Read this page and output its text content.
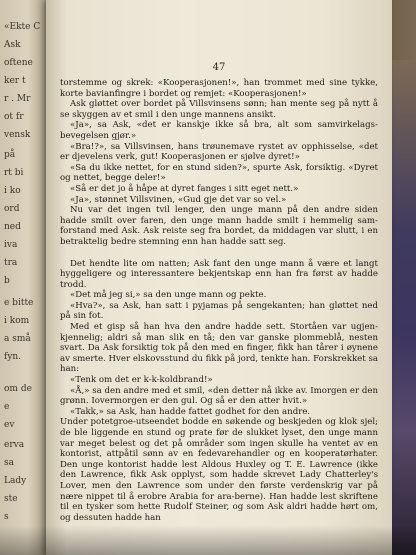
«Ekte C
Ask
oftene
ker t
r . Mr
ot fr
vensk
på
rt bi
i ko
ord
ned
iva
tra
b
e bitte
i kom
a små
fyn.
om de
e
ev
erva
sa
Lady
ste
s
47

torstemme og skrek: «Kooperasjonen!», han trommet med sine tykke, korte bavianfingre i bordet og remjet: «Kooperasjonen!»

Ask gløttet over bordet på Villsvinsens sønn; han mente seg på nytt å se skyggen av et smil i den unge mannens ansikt.

«Ja», sa Ask, «det er kanskje ikke så bra, alt som samvirkelags-bevegelsen gjør.»

«Bra!?», sa Villsvinsen, hans trøunemave rystet av opphisselse, «det er djevelens verk, gut! Kooperasjonen er sjølve dyret!»

«Sa du ikke nettet, for en stund siden?», spurte Ask, forsiktig. «Dyret og nettet, begge deler!»

«Så er det jo å håpe at dyret fanges i sitt eget nett.»

«Ja», stønnet Villsvinen, «Gud gje det var so vel.»

Nu var det ingen tvil lenger, den unge mann på den andre siden hadde smilt over faren, den unge mann hadde smilt i hemmelig sam-forstand med Ask. Ask reiste seg fra bordet, da middagen var slutt, i en betraktelig bedre stemning enn han hadde satt seg.

Det hendte lite om natten; Ask fant den unge mann å være et langt hyggeligere og interessantere bekjentskap enn han fra først av hadde trodd.

«Det må jeg si,» sa den unge mann og pekte.

«Hva?», sa Ask, han satt i pyjamas på sengekanten; han gløttet ned på sin fot.

Med et gisp så han hva den andre hadde sett. Stortåen var ugjen-kjennelig; aldri så man slik en tå; den var ganske plommeblå, nesten svart. Da Ask forsiktig tok på den med en finger, fikk han tårer i øynene av smerte. Hver elskovsstund du fikk på jord, tenkte han. Forskrekket sa han:

«Tenk om det er k-k-koldbrand!»

«Å,» sa den andre med et smil, «den detter nå ikke av. Imorgen er den grønn. Iovermorgen er den gul. Og så er den atter hvit.»

«Takk,» sa Ask, han hadde fattet godhet for den andre.

Under potetgroe-utseendet bodde en søkende og beskjeden og klok sjel; de ble liggende en stund og prate før de slukket lyset, den unge mann var meget belest og det på områder som ingen skulle ha ventet av en kontorist, attpåtil sønn av en fedevarehandler og en kooperatørhater. Den unge kontorist hadde lest Aldous Huxley og T. E. Lawrence (ikke den Lawrence, fikk Ask opplyst, som hadde skrevet Lady Chatterley's Lover, men den Lawrence som under den første verdenskrig var på nære nippet til å erobre Arabia for ara-berne). Han hadde lest skriftene til en tysker som hette Rudolf Steiner, og som Ask aldri hadde hørt om, og dessuten hadde han
